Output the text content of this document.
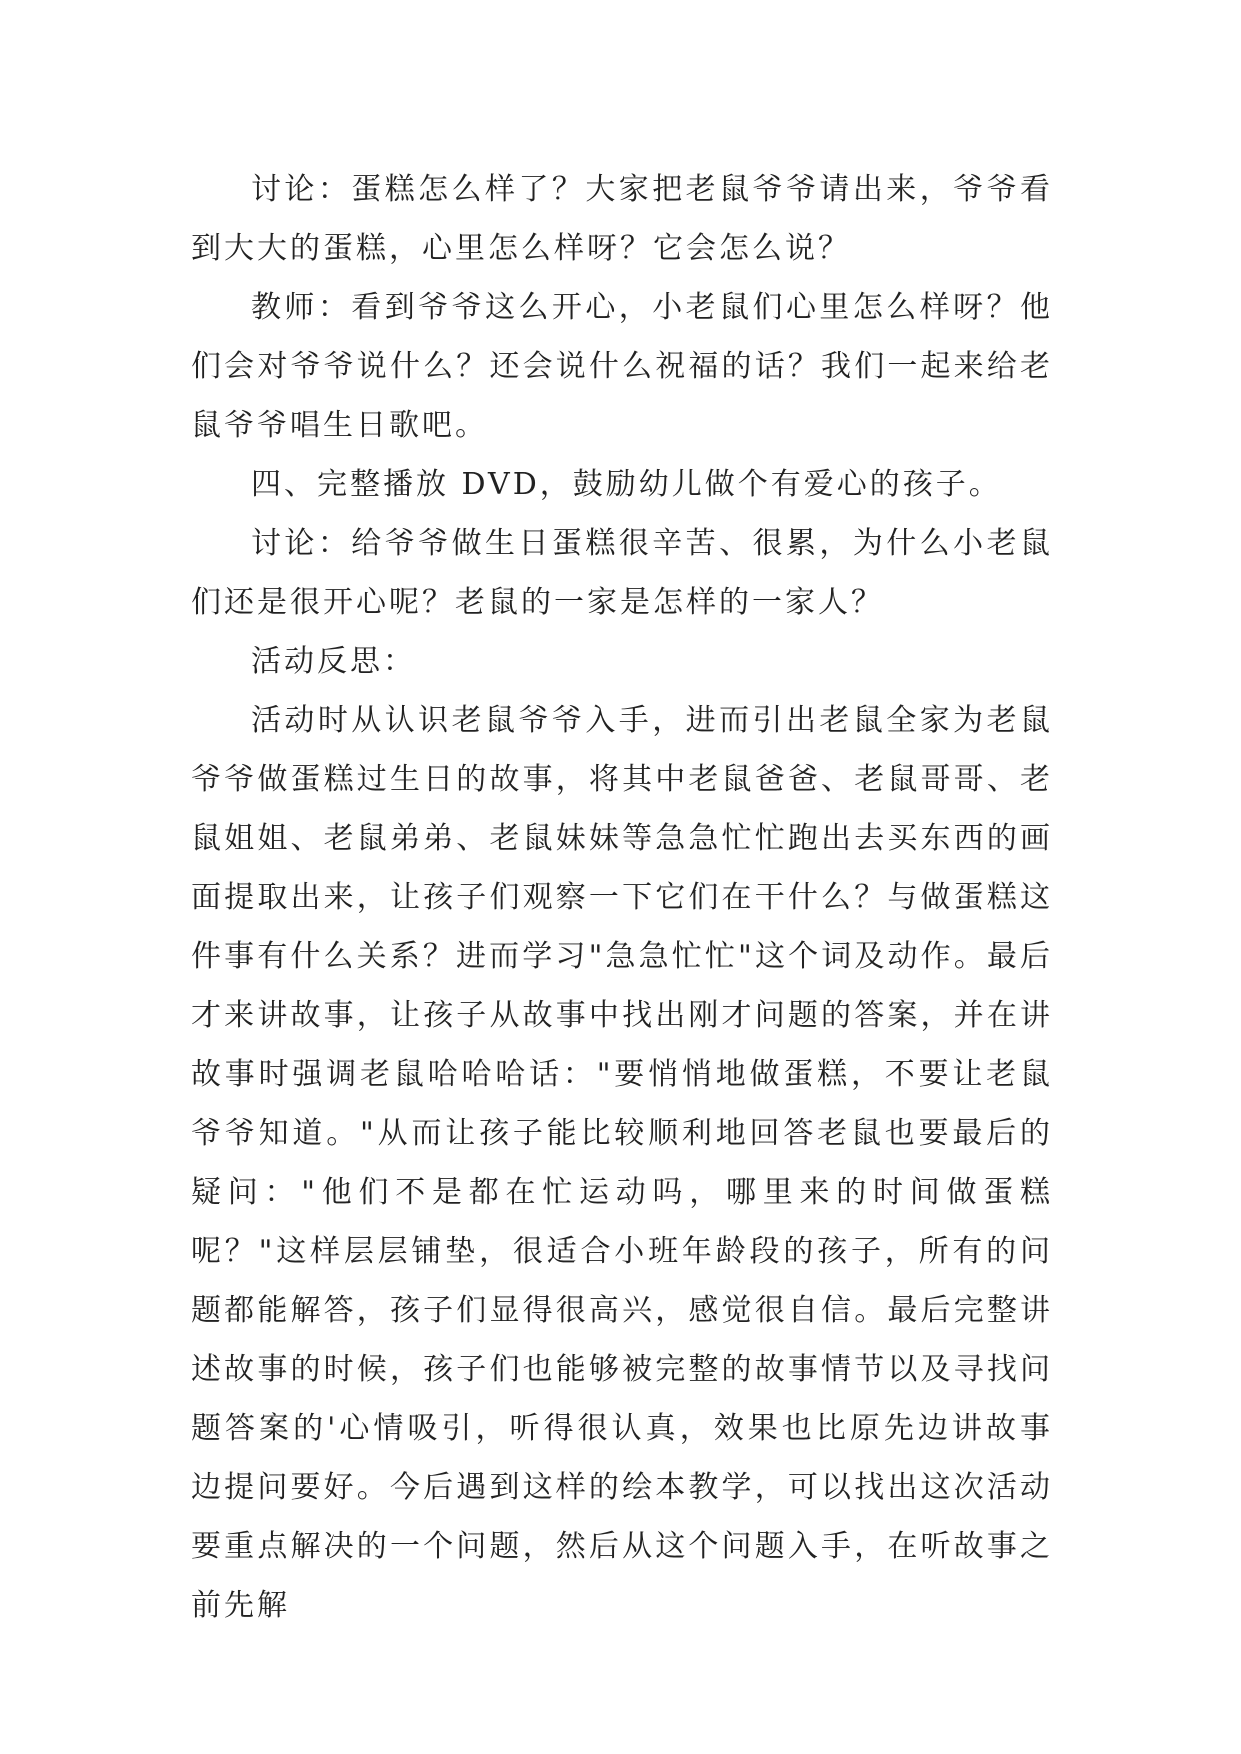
讨论：蛋糕怎么样了？大家把老鼠爷爷请出来，爷爷看到大大的蛋糕，心里怎么样呀？它会怎么说？

教师：看到爷爷这么开心，小老鼠们心里怎么样呀？他们会对爷爷说什么？还会说什么祝福的话？我们一起来给老鼠爷爷唱生日歌吧。

四、完整播放 DVD，鼓励幼儿做个有爱心的孩子。

讨论：给爷爷做生日蛋糕很辛苦、很累，为什么小老鼠们还是很开心呢？老鼠的一家是怎样的一家人？

活动反思：

活动时从认识老鼠爷爷入手，进而引出老鼠全家为老鼠爷爷做蛋糕过生日的故事，将其中老鼠爸爸、老鼠哥哥、老鼠姐姐、老鼠弟弟、老鼠妹妹等急急忙忙跑出去买东西的画面提取出来，让孩子们观察一下它们在干什么？与做蛋糕这件事有什么关系？进而学习"急急忙忙"这个词及动作。最后才来讲故事，让孩子从故事中找出刚才问题的答案，并在讲故事时强调老鼠哈哈哈话："要悄悄地做蛋糕，不要让老鼠爷爷知道。"从而让孩子能比较顺利地回答老鼠也要最后的疑问："他们不是都在忙运动吗，哪里来的时间做蛋糕呢？"这样层层铺垫，很适合小班年龄段的孩子，所有的问题都能解答，孩子们显得很高兴，感觉很自信。最后完整讲述故事的时候，孩子们也能够被完整的故事情节以及寻找问题答案的'心情吸引，听得很认真，效果也比原先边讲故事边提问要好。今后遇到这样的绘本教学，可以找出这次活动要重点解决的一个问题，然后从这个问题入手，在听故事之前先解
